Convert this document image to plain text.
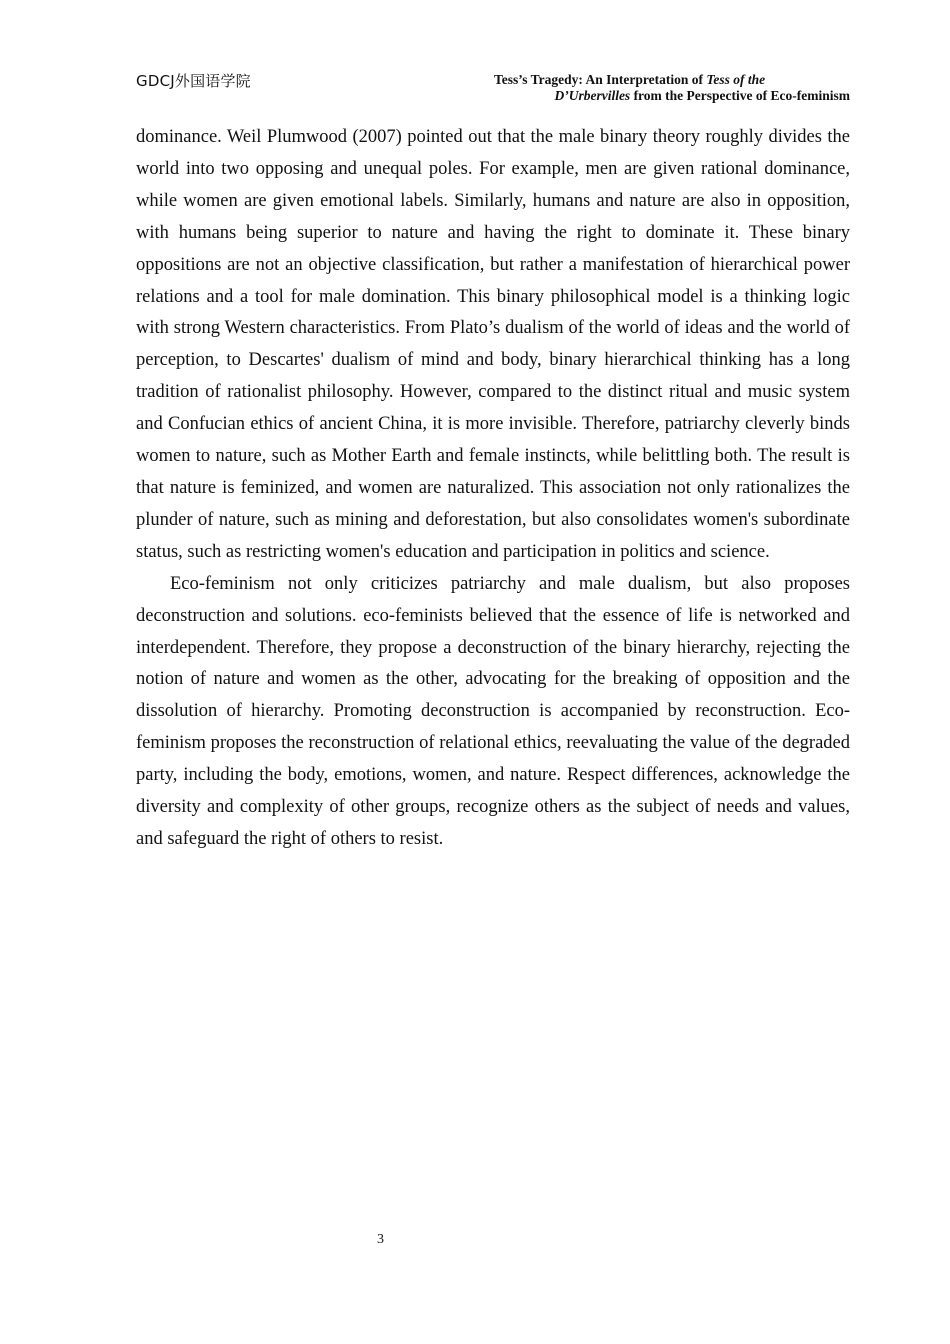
GDCJ外国语学院	Tess’s Tragedy: An Interpretation of Tess of the
D’Urbervilles from the Perspective of Eco-feminism

dominance. Weil Plumwood (2007) pointed out that the male binary theory roughly divides the world into two opposing and unequal poles. For example, men are given rational dominance, while women are given emotional labels. Similarly, humans and nature are also in opposition, with humans being superior to nature and having the right to dominate it. These binary oppositions are not an objective classification, but rather a manifestation of hierarchical power relations and a tool for male domination. This binary philosophical model is a thinking logic with strong Western characteristics. From Plato’s dualism of the world of ideas and the world of perception, to Descartes' dualism of mind and body, binary hierarchical thinking has a long tradition of rationalist philosophy. However, compared to the distinct ritual and music system and Confucian ethics of ancient China, it is more invisible. Therefore, patriarchy cleverly binds women to nature, such as Mother Earth and female instincts, while belittling both. The result is that nature is feminized, and women are naturalized. This association not only rationalizes the plunder of nature, such as mining and deforestation, but also consolidates women's subordinate status, such as restricting women's education and participation in politics and science.

Eco-feminism not only criticizes patriarchy and male dualism, but also proposes deconstruction and solutions. eco-feminists believed that the essence of life is networked and interdependent. Therefore, they propose a deconstruction of the binary hierarchy, rejecting the notion of nature and women as the other, advocating for the breaking of opposition and the dissolution of hierarchy. Promoting deconstruction is accompanied by reconstruction. Eco-feminism proposes the reconstruction of relational ethics, reevaluating the value of the degraded party, including the body, emotions, women, and nature. Respect differences, acknowledge the diversity and complexity of other groups, recognize others as the subject of needs and values, and safeguard the right of others to resist.

3
